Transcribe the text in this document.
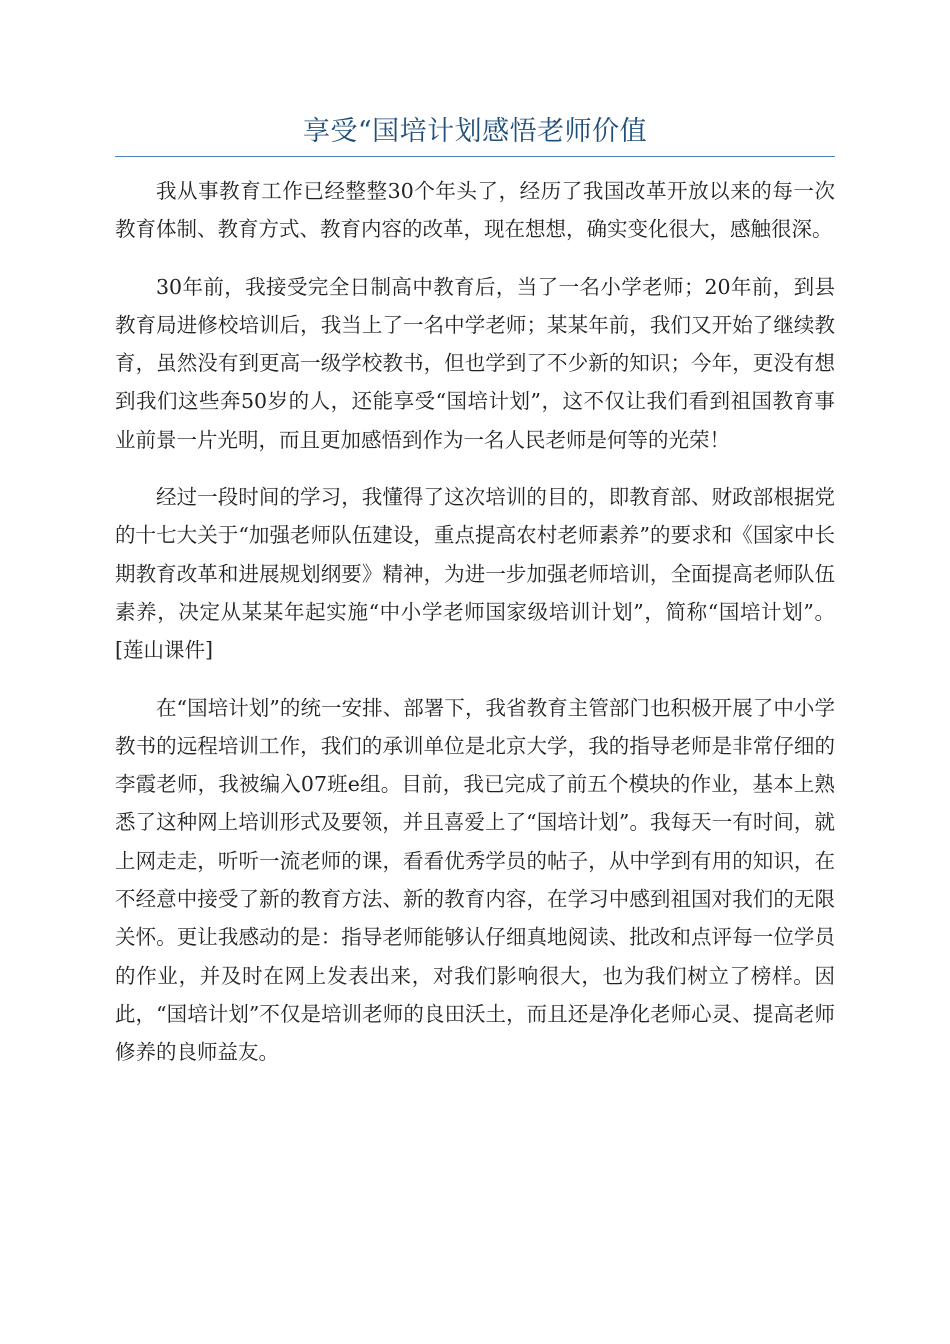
享受“国培计划感悟老师价值

我从事教育工作已经整整30个年头了，经历了我国改革开放以来的每一次教育体制、教育方式、教育内容的改革，现在想想，确实变化很大，感触很深。

30年前，我接受完全日制高中教育后，当了一名小学老师；20年前，到县教育局进修校培训后，我当上了一名中学老师；某某年前，我们又开始了继续教育，虽然没有到更高一级学校教书，但也学到了不少新的知识；今年，更没有想到我们这些奔50岁的人，还能享受“国培计划”，这不仅让我们看到祖国教育事业前景一片光明，而且更加感悟到作为一名人民老师是何等的光荣！

经过一段时间的学习，我懂得了这次培训的目的，即教育部、财政部根据党的十七大关于“加强老师队伍建设，重点提高农村老师素养”的要求和《国家中长期教育改革和进展规划纲要》精神，为进一步加强老师培训，全面提高老师队伍素养，决定从某某年起实施“中小学老师国家级培训计划”，简称“国培计划”。[莲山课件]

在“国培计划”的统一安排、部署下，我省教育主管部门也积极开展了中小学教书的远程培训工作，我们的承训单位是北京大学，我的指导老师是非常仔细的李霞老师，我被编入07班e组。目前，我已完成了前五个模块的作业，基本上熟悉了这种网上培训形式及要领，并且喜爱上了“国培计划”。我每天一有时间，就上网走走，听听一流老师的课，看看优秀学员的帖子，从中学到有用的知识，在不经意中接受了新的教育方法、新的教育内容，在学习中感到祖国对我们的无限关怀。更让我感动的是：指导老师能够认仔细真地阅读、批改和点评每一位学员的作业，并及时在网上发表出来，对我们影响很大，也为我们树立了榜样。因此，“国培计划”不仅是培训老师的良田沃土，而且还是净化老师心灵、提高老师修养的良师益友。
